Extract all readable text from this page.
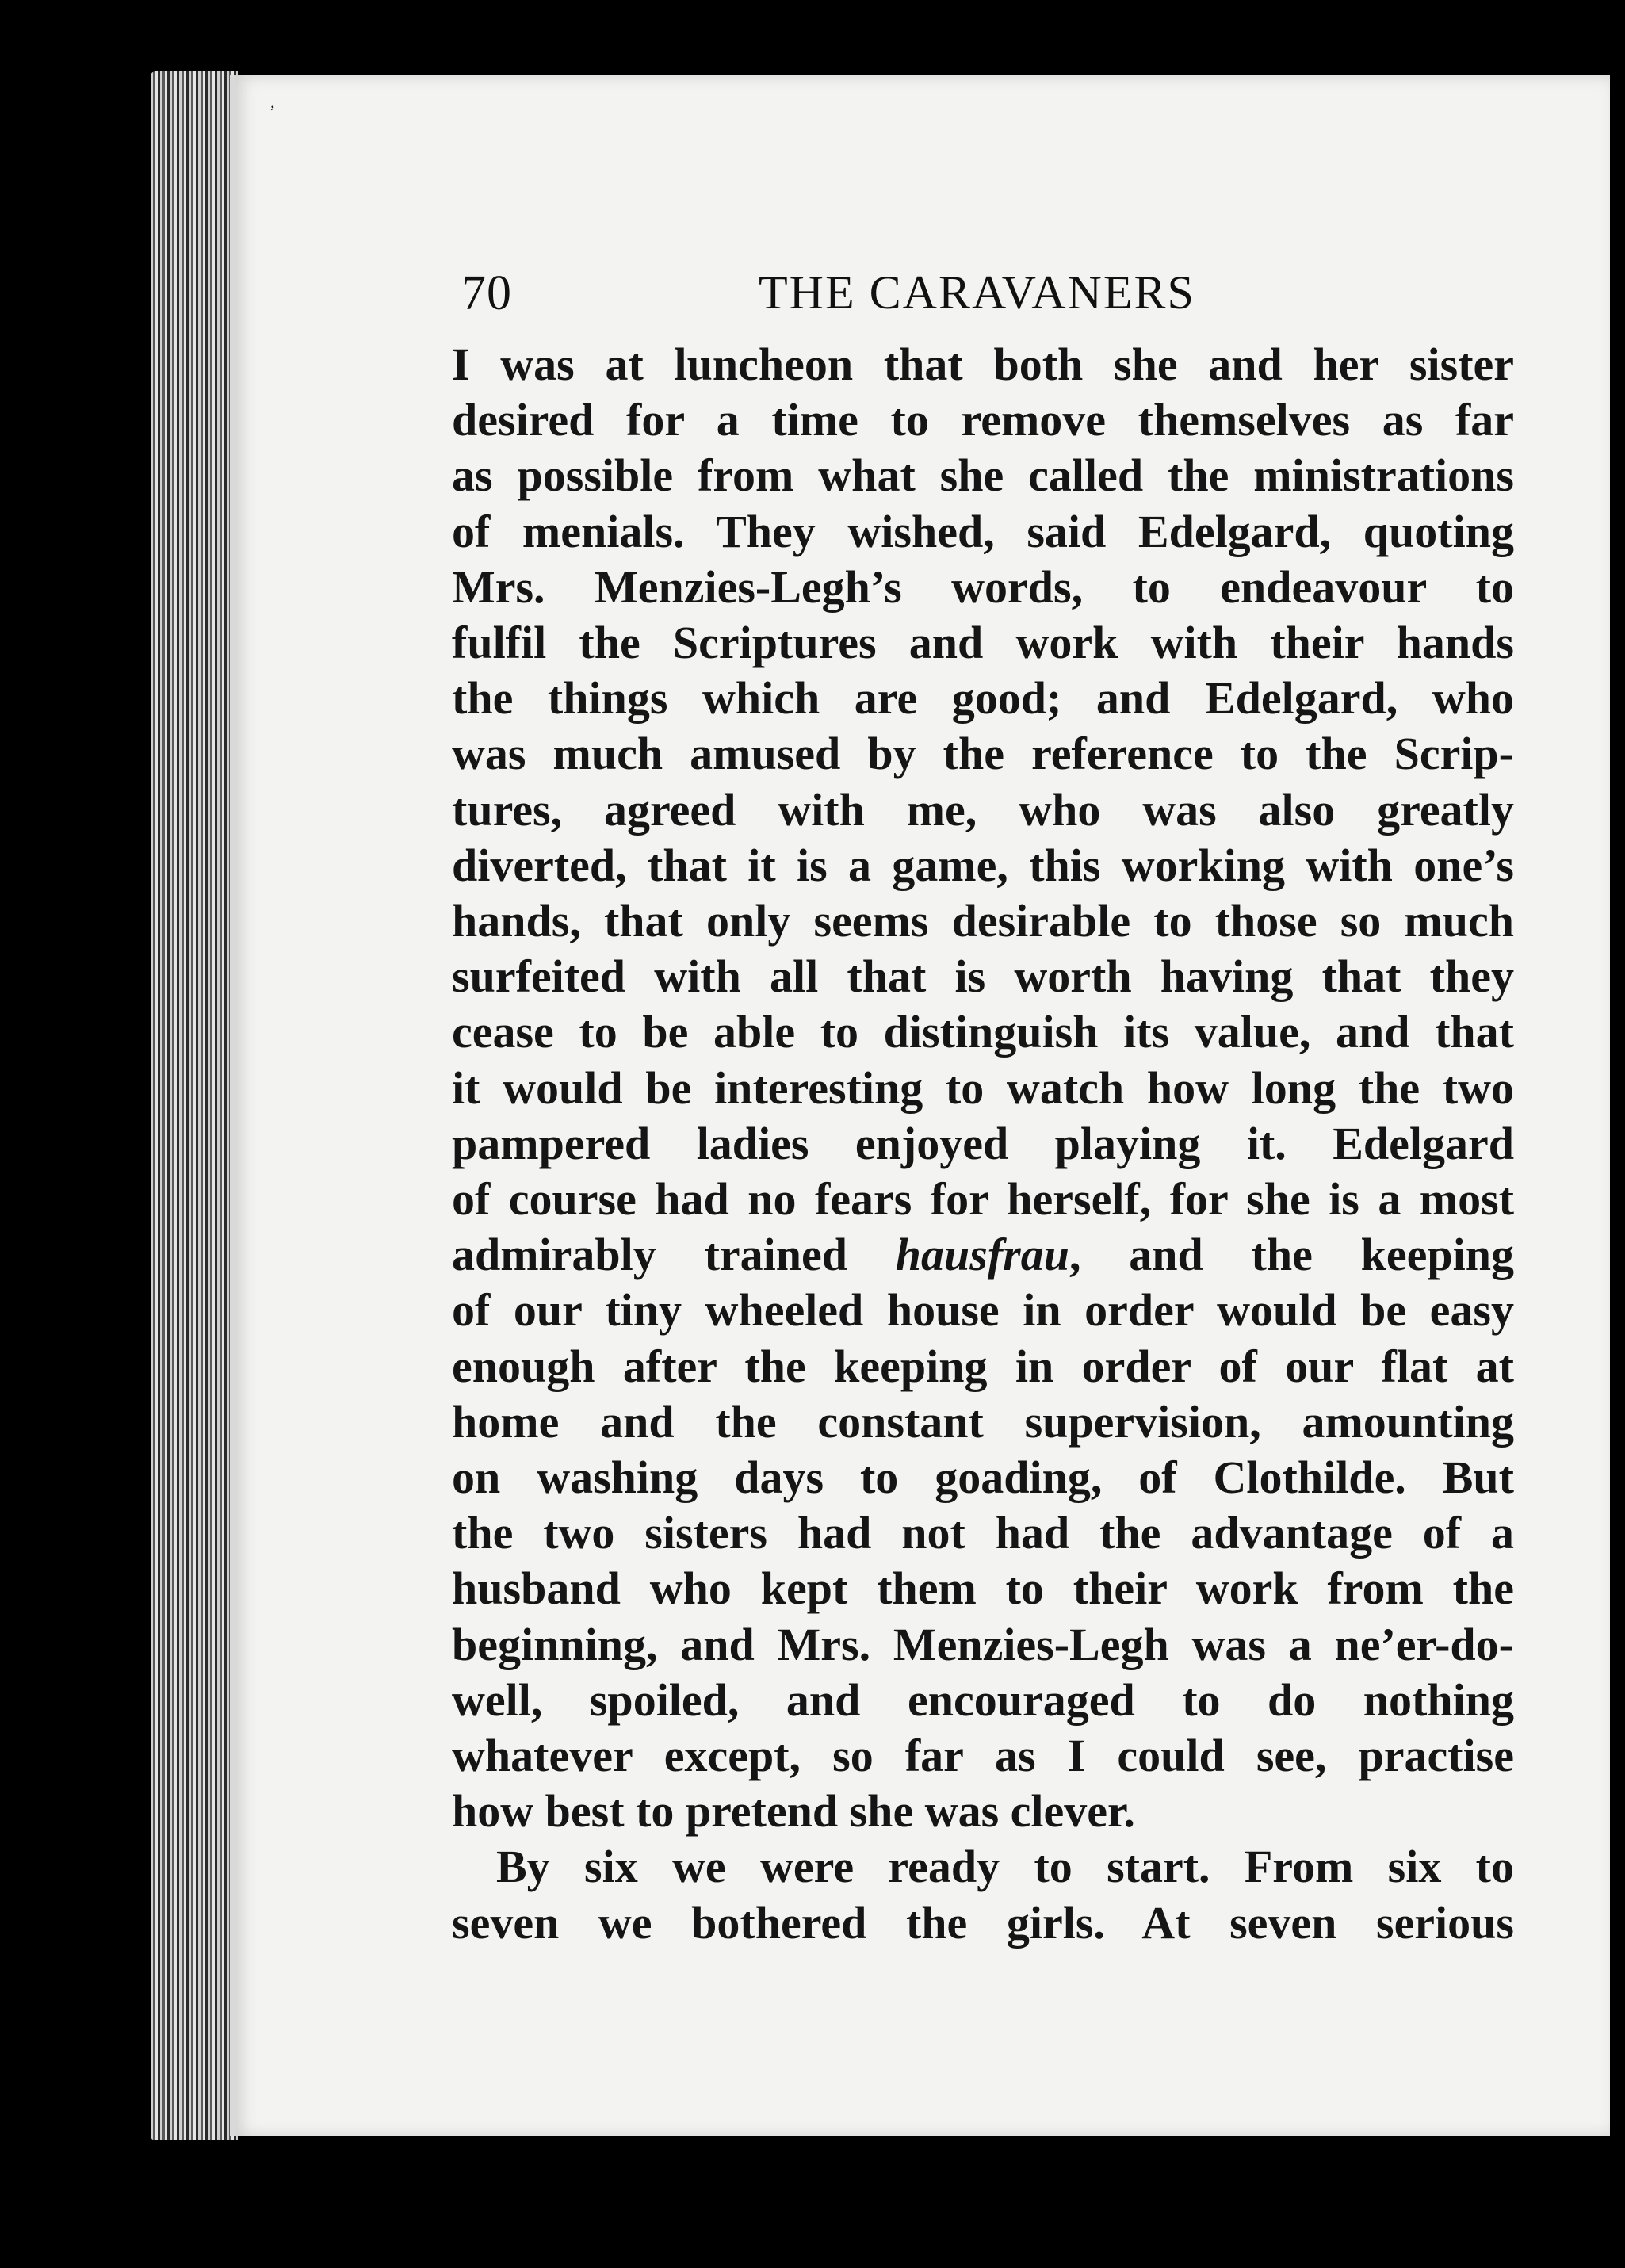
’
70	THE CARAVANERS
I was at luncheon that both she and her sister
desired for a time to remove themselves as far
as possible from what she called the ministrations
of menials. They wished, said Edelgard, quoting
Mrs. Menzies-Legh’s words, to endeavour to
fulfil the Scriptures and work with their hands
the things which are good; and Edelgard, who
was much amused by the reference to the Scrip-
tures, agreed with me, who was also greatly
diverted, that it is a game, this working with one’s
hands, that only seems desirable to those so much
surfeited with all that is worth having that they
cease to be able to distinguish its value, and that
it would be interesting to watch how long the two
pampered ladies enjoyed playing it. Edelgard
of course had no fears for herself, for she is a most
admirably trained hausfrau, and the keeping
of our tiny wheeled house in order would be easy
enough after the keeping in order of our flat at
home and the constant supervision, amounting
on washing days to goading, of Clothilde. But
the two sisters had not had the advantage of a
husband who kept them to their work from the
beginning, and Mrs. Menzies-Legh was a ne’er-do-
well, spoiled, and encouraged to do nothing
whatever except, so far as I could see, practise
how best to pretend she was clever.
By six we were ready to start. From six to
seven we bothered the girls. At seven serious
